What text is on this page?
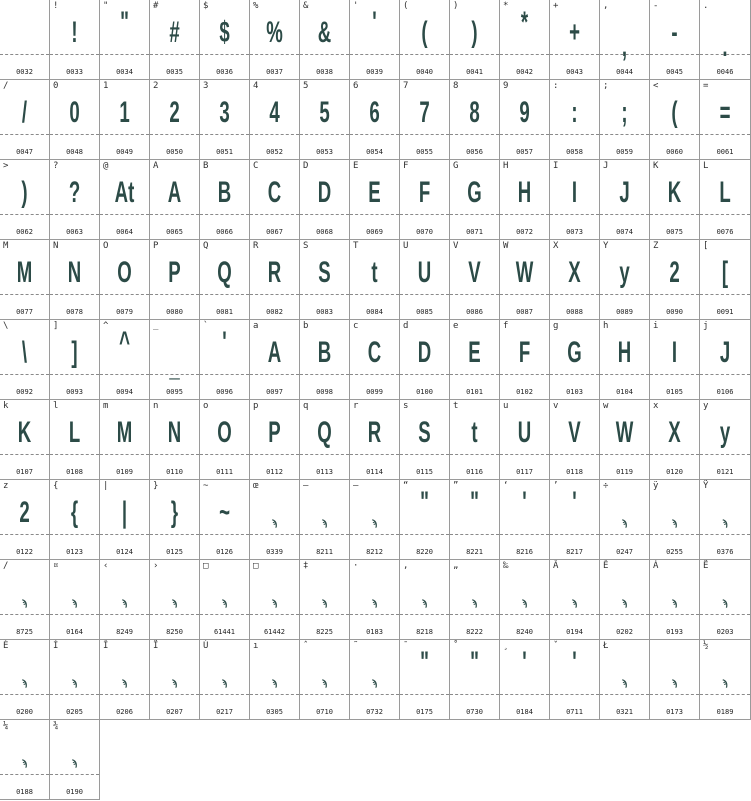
0032
!
!
0033
" "
0034
#
#
0035
$
$
0036
%
%
0037
&
&
0038
' '
0039
(
(
0040
)
)
0041
* *
0042
+
+
0043
,
,
0044
-
-
0045
.
.
0046
/
/
0047
0
0
0048
1
1
0049
2
2
0050
3
3
0051
4
4
0052
5
5
0053
6
6
0054
7
7
0055
8
8
0056
9
9
0057
:
:
0058
;
;
0059
<
(
0060
=
=
0061
>
)
0062
?
?
0063
@
At
0064
A
A
0065
B
B
0066
C
C
0067
D
D
0068
E
E
0069
F
F
0070
G
G
0071
H
H
0072
I
I
0073
J
J
0074
K
K
0075
L
L
0076
M
M
0077
N
N
0078
O
O
0079
P
P
0080
Q
Q
0081
R
R
0082
S
S
0083
T
t
0084
U
U
0085
V
V
0086
W
W
0087
X
X
0088
Y
y
0089
Z
2
0090
[
[
0091
\
\
0092
]
]
0093
^ ^
0094
_
_
0095
` '
0096
a
A
0097
b
B
0098
c
C
0099
d
D
0100
e
E
0101
f
F
0102
g
G
0103
h
H
0104
i
I
0105
j
J
0106
k
K
0107
l
L
0108
m
M
0109
n
N
0110
o
O
0111
p
P
0112
q
Q
0113
r
R
0114
s
S
0115
t
t
0116
u
U
0117
v
V
0118
w
W
0119
x
X
0120
y
y
0121
z
2
0122
{
{
0123
|
|
0124
}
}
0125
~
~
0126
œ
ϡ
0339
–
ϡ
8211
—
ϡ
8212
“ "
8220
” "
8221
‘ '
8216
’ '
8217
÷
ϡ
0247
ÿ
ϡ
0255
Ÿ
ϡ
0376
∕
ϡ
8725
¤
ϡ
0164
‹
ϡ
8249
›
ϡ
8250
□
ϡ
61441
□
ϡ
61442
‡
ϡ
8225
·
ϡ
0183
‚
ϡ
8218
„
ϡ
8222
‰
ϡ
8240
Â
ϡ
0194
Ê
ϡ
0202
Á
ϡ
0193
Ë
ϡ
0203
È
ϡ
0200
Í
ϡ
0205
Î
ϡ
0206
Ï
ϡ
0207
Ù
ϡ
0217
ı
ϡ
0305
ˆ
ϡ
0710
˜
ϡ
0732
¯ "
0175
˚ "
0730
¸ '
0184
ˇ '
0711
Ł
ϡ
0321
ϡ
0173
½
ϡ
0189
¼
ϡ
0188
¾
ϡ
0190
